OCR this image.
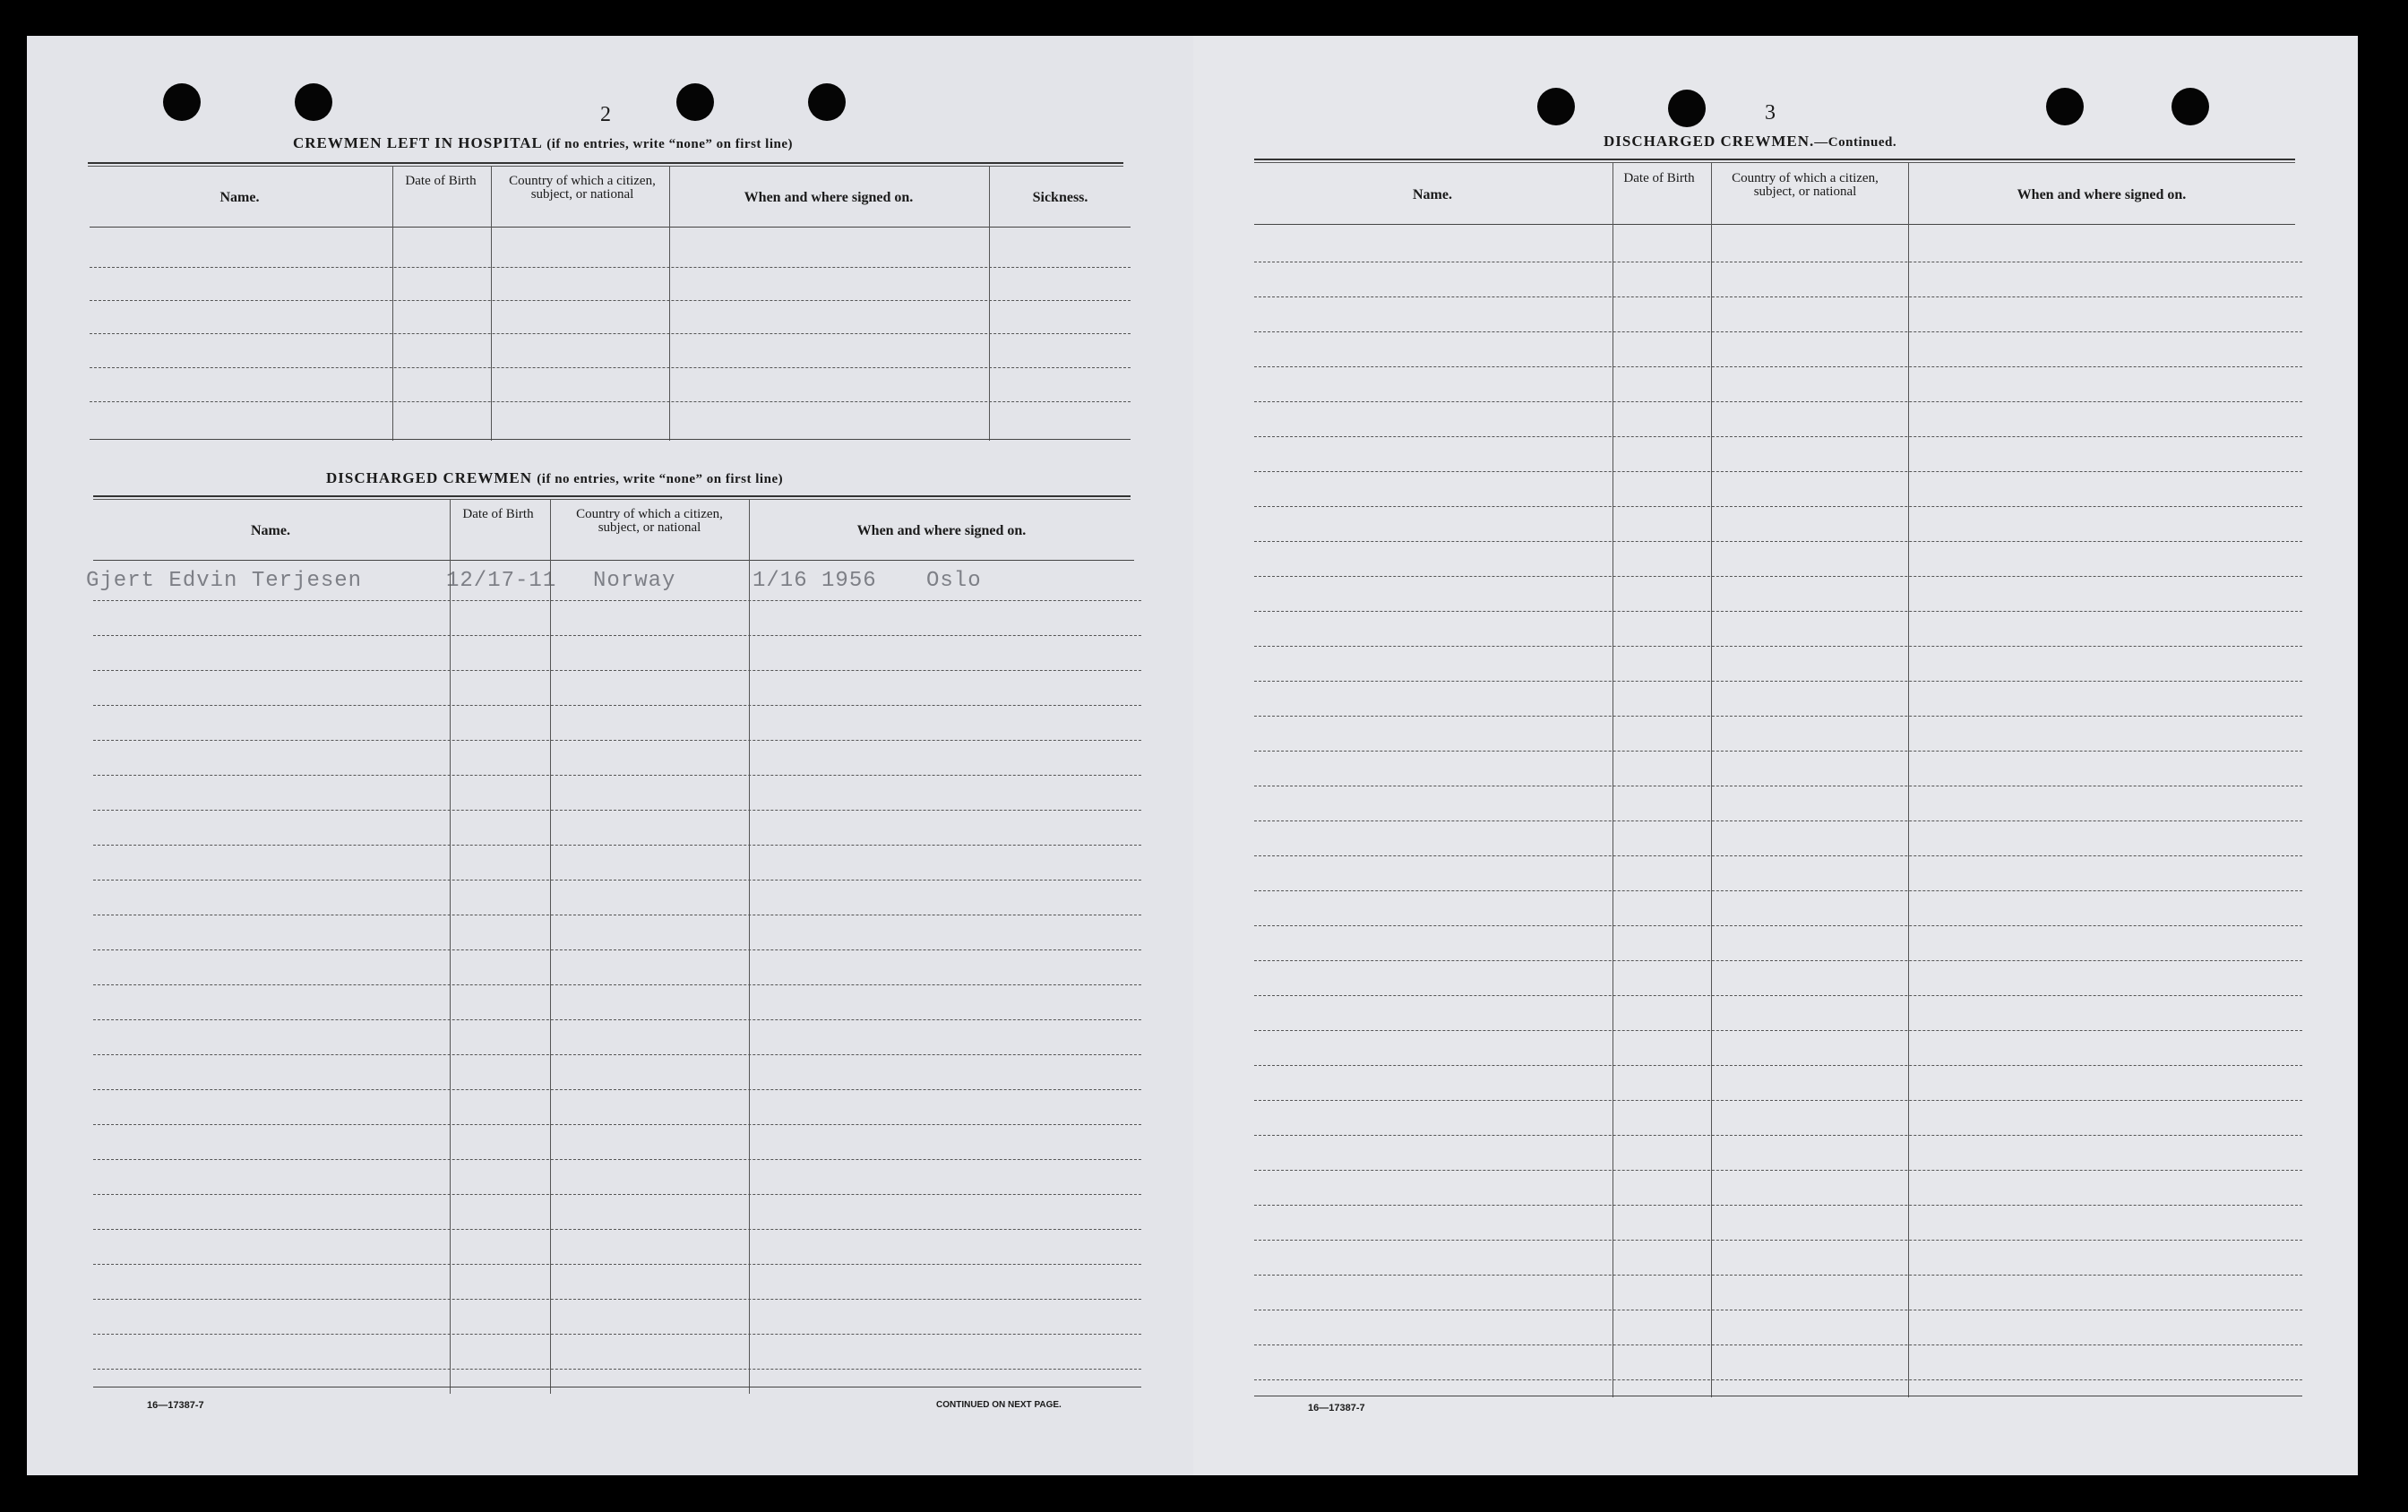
2
CREWMEN LEFT IN HOSPITAL (if no entries, write “none” on first line)
Name.
Date of Birth	Country of which a citizen, subject, or national	When and where signed on.	Sickness.
DISCHARGED CREWMEN (if no entries, write “none” on first line)
Name.
Date of Birth	Country of which a citizen, subject, or national	When and where signed on.
Gjert Edvin Terjesen	12/17-11 Norway	1/16 1956 Oslo
16—17387-7	CONTINUED ON NEXT PAGE.
3
DISCHARGED CREWMEN.—Continued.
Name.
Date of Birth	Country of which a citizen, subject, or national	When and where signed on.
16—17387-7
